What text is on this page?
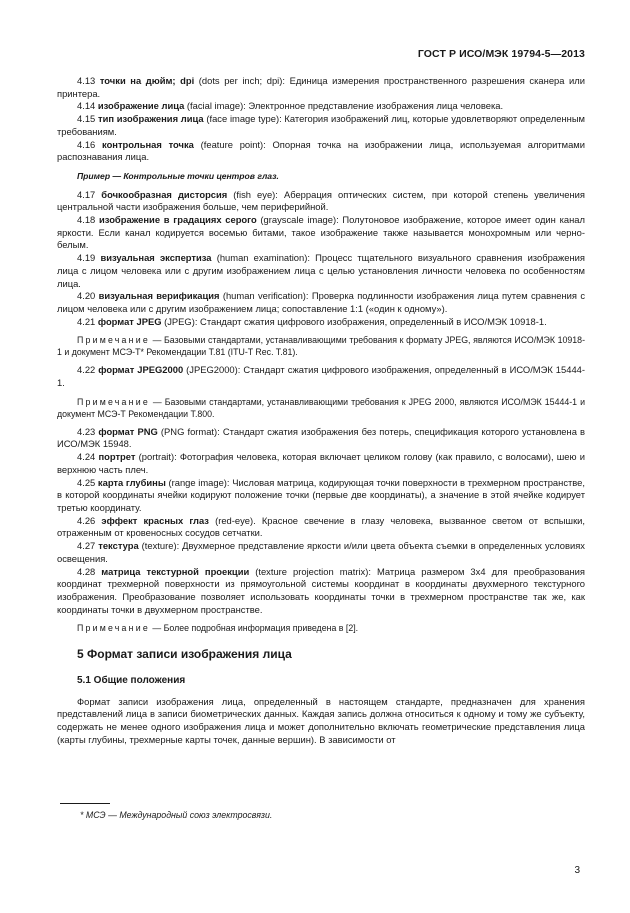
ГОСТ Р ИСО/МЭК 19794-5—2013

4.13 точки на дюйм; dpi (dots per inch; dpi): Единица измерения пространственного разрешения сканера или принтера.

4.14 изображение лица (facial image): Электронное представление изображения лица человека.

4.15 тип изображения лица (face image type): Категория изображений лиц, которые удовлетворяют определенным требованиям.

4.16 контрольная точка (feature point): Опорная точка на изображении лица, используемая алгоритмами распознавания лица.

Пример — Контрольные точки центров глаз.

4.17 бочкообразная дисторсия (fish eye): Аберрация оптических систем, при которой степень увеличения центральной части изображения больше, чем периферийной.

4.18 изображение в градациях серого (grayscale image): Полутоновое изображение, которое имеет один канал яркости. Если канал кодируется восемью битами, такое изображение также называется монохромным или черно-белым.

4.19 визуальная экспертиза (human examination): Процесс тщательного визуального сравнения изображения лица с лицом человека или с другим изображением лица с целью установления личности человека по особенностям лица.

4.20 визуальная верификация (human verification): Проверка подлинности изображения лица путем сравнения с лицом человека или с другим изображением лица; сопоставление 1:1 («один к одному»).

4.21 формат JPEG (JPEG): Стандарт сжатия цифрового изображения, определенный в ИСО/МЭК 10918-1.

Примечание — Базовыми стандартами, устанавливающими требования к формату JPEG, являются ИСО/МЭК 10918-1 и документ МСЭ-Т* Рекомендации Т.81 (ITU-T Rec. T.81).

4.22 формат JPEG2000 (JPEG2000): Стандарт сжатия цифрового изображения, определенный в ИСО/МЭК 15444-1.

Примечание — Базовыми стандартами, устанавливающими требования к JPEG 2000, являются ИСО/МЭК 15444-1 и документ МСЭ-Т Рекомендации Т.800.

4.23 формат PNG (PNG format): Стандарт сжатия изображения без потерь, спецификация которого установлена в ИСО/МЭК 15948.

4.24 портрет (portrait): Фотография человека, которая включает целиком голову (как правило, с волосами), шею и верхнюю часть плеч.

4.25 карта глубины (range image): Числовая матрица, кодирующая точки поверхности в трехмерном пространстве, в которой координаты ячейки кодируют положение точки (первые две координаты), а значение в этой ячейке кодирует третью координату.

4.26 эффект красных глаз (red-eye). Красное свечение в глазу человека, вызванное светом от вспышки, отраженным от кровеносных сосудов сетчатки.

4.27 текстура (texture): Двухмерное представление яркости и/или цвета объекта съемки в определенных условиях освещения.

4.28 матрица текстурной проекции (texture projection matrix): Матрица размером 3x4 для преобразования координат трехмерной поверхности из прямоугольной системы координат в координаты двухмерного текстурного изображения. Преобразование позволяет использовать координаты точки в трехмерном пространстве так же, как координаты точки в двухмерном пространстве.

Примечание — Более подробная информация приведена в [2].

5 Формат записи изображения лица

5.1 Общие положения

Формат записи изображения лица, определенный в настоящем стандарте, предназначен для хранения представлений лица в записи биометрических данных. Каждая запись должна относиться к одному и тому же субъекту, содержать не менее одного изображения лица и может дополнительно включать геометрические представления лица (карты глубины, трехмерные карты точек, данные вершин). В зависимости от

* МСЭ — Международный союз электросвязи.
3
